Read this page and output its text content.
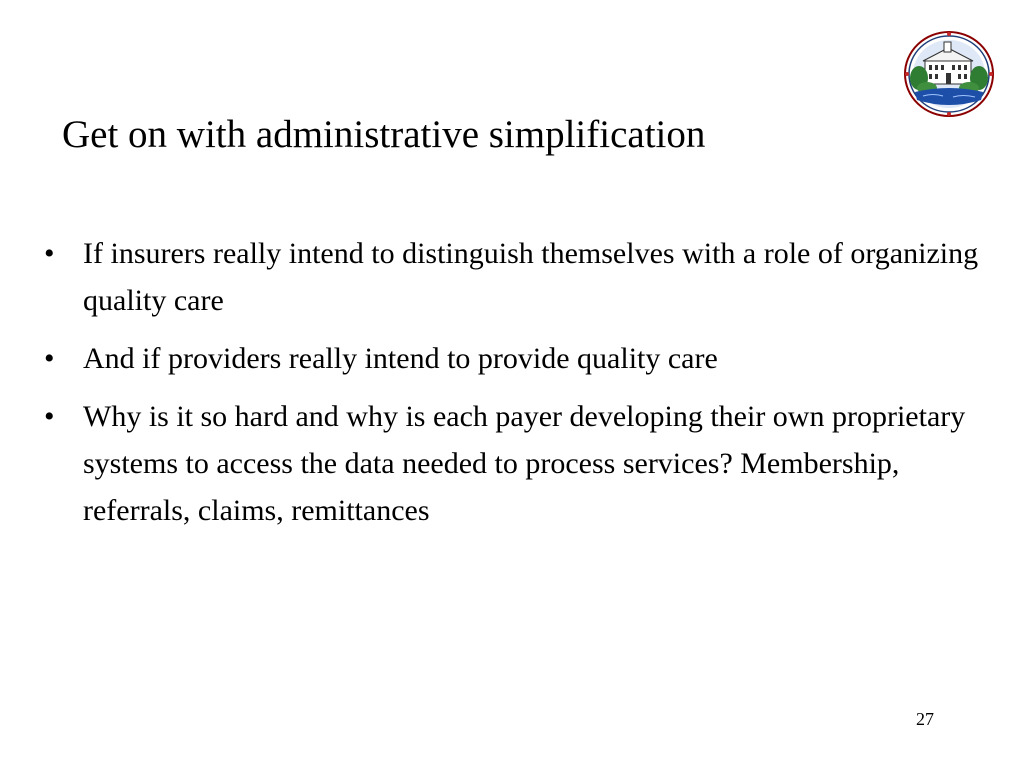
Get on with administrative simplification
• If insurers really intend to distinguish themselves with a role of organizing quality care
• And if providers really intend to provide quality care
• Why is it so hard and why is each payer developing their own proprietary systems to access the data needed to process services? Membership, referrals, claims, remittances
27
